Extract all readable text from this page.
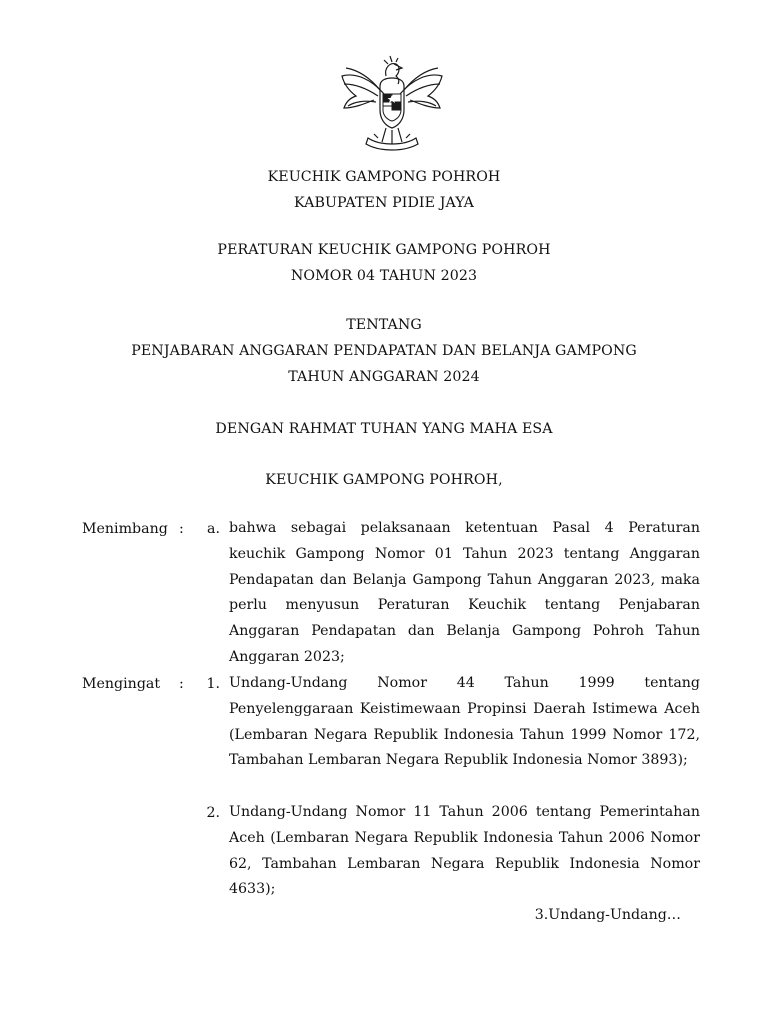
KEUCHIK GAMPONG POHROH
KABUPATEN PIDIE JAYA
PERATURAN KEUCHIK GAMPONG POHROH
NOMOR 04 TAHUN 2023
TENTANG
PENJABARAN ANGGARAN PENDAPATAN DAN BELANJA GAMPONG
TAHUN ANGGARAN 2024
DENGAN RAHMAT TUHAN YANG MAHA ESA
KEUCHIK GAMPONG POHROH,
Menimbang :	a. bahwa sebagai pelaksanaan ketentuan Pasal 4 Peraturan keuchik Gampong Nomor 01 Tahun 2023 tentang Anggaran Pendapatan dan Belanja Gampong Tahun Anggaran 2023, maka perlu menyusun Peraturan Keuchik tentang Penjabaran Anggaran Pendapatan dan Belanja Gampong Pohroh Tahun Anggaran 2023;
Mengingat :	1. Undang-Undang Nomor 44 Tahun 1999 tentang Penyelenggaraan Keistimewaan Propinsi Daerah Istimewa Aceh (Lembaran Negara Republik Indonesia Tahun 1999 Nomor 172, Tambahan Lembaran Negara Republik Indonesia Nomor 3893);
2. Undang-Undang Nomor 11 Tahun 2006 tentang Pemerintahan Aceh (Lembaran Negara Republik Indonesia Tahun 2006 Nomor 62, Tambahan Lembaran Negara Republik Indonesia Nomor 4633);
3.Undang-Undang…
